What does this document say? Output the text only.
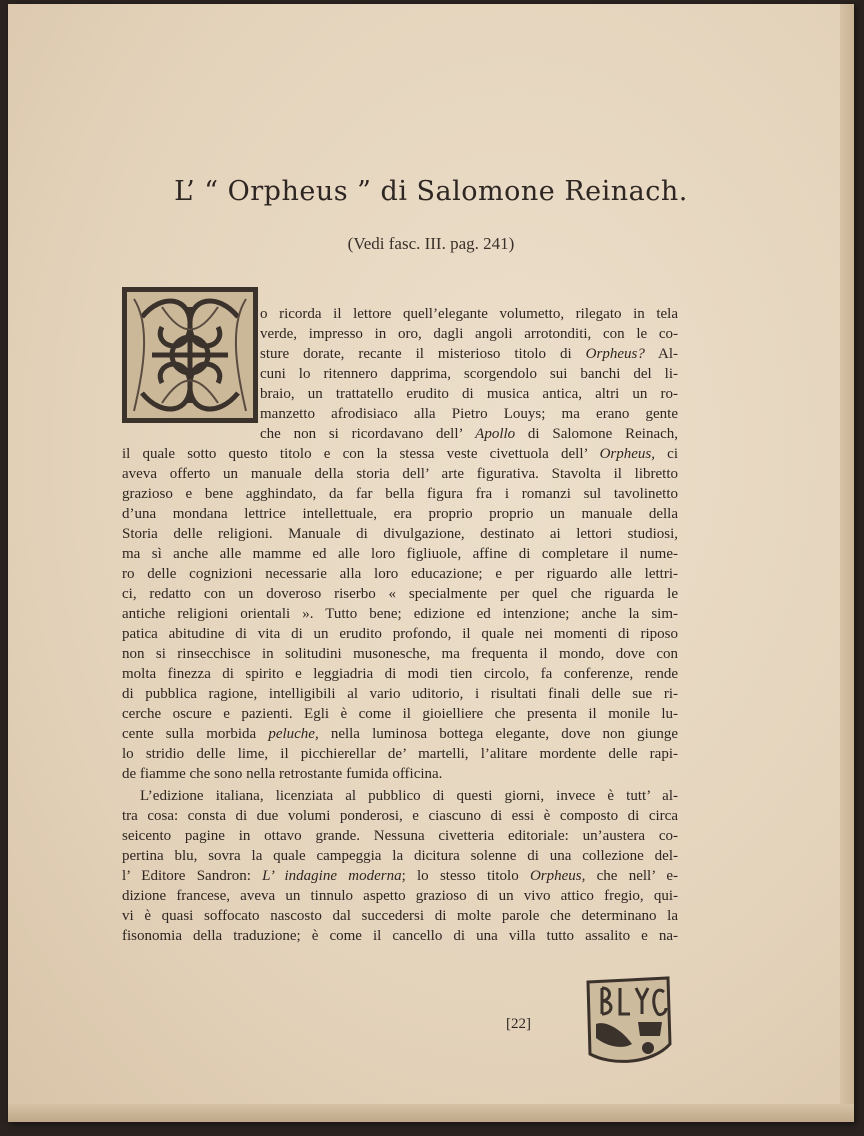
L’ “ Orpheus ” di Salomone Reinach.
(Vedi fasc. III. pag. 241)
o ricorda il lettore quell’elegante volumetto, rilegato in tela
verde, impresso in oro, dagli angoli arrotonditi, con le co-
sture dorate, recante il misterioso titolo di Orpheus? Al-
cuni lo ritennero dapprima, scorgendolo sui banchi del li-
braio, un trattatello erudito di musica antica, altri un ro-
manzetto afrodisiaco alla Pietro Louys; ma erano gente
che non si ricordavano dell’ Apollo di Salomone Reinach,
il quale sotto questo titolo e con la stessa veste civettuola dell’ Orpheus, ci
aveva offerto un manuale della storia dell’ arte figurativa. Stavolta il libretto
grazioso e bene agghindato, da far bella figura fra i romanzi sul tavolinetto
d’una mondana lettrice intellettuale, era proprio proprio un manuale della
Storia delle religioni. Manuale di divulgazione, destinato ai lettori studiosi,
ma sì anche alle mamme ed alle loro figliuole, affine di completare il nume-
ro delle cognizioni necessarie alla loro educazione; e per riguardo alle lettri-
ci, redatto con un doveroso riserbo « specialmente per quel che riguarda le
antiche religioni orientali ». Tutto bene; edizione ed intenzione; anche la sim-
patica abitudine di vita di un erudito profondo, il quale nei momenti di riposo
non si rinsecchisce in solitudini musonesche, ma frequenta il mondo, dove con
molta finezza di spirito e leggiadria di modi tien circolo, fa conferenze, rende
di pubblica ragione, intelligibili al vario uditorio, i risultati finali delle sue ri-
cerche oscure e pazienti. Egli è come il gioielliere che presenta il monile lu-
cente sulla morbida peluche, nella luminosa bottega elegante, dove non giunge
lo stridio delle lime, il picchierellar de’ martelli, l’alitare mordente delle rapi-
de fiamme che sono nella retrostante fumida officina.
L’edizione italiana, licenziata al pubblico di questi giorni, invece è tutt’ al-
tra cosa: consta di due volumi ponderosi, e ciascuno di essi è composto di circa
seicento pagine in ottavo grande. Nessuna civetteria editoriale: un’austera co-
pertina blu, sovra la quale campeggia la dicitura solenne di una collezione del-
l’ Editore Sandron: L’ indagine moderna; lo stesso titolo Orpheus, che nell’ e-
dizione francese, aveva un tinnulo aspetto grazioso di un vivo attico fregio, qui-
vi è quasi soffocato nascosto dal succedersi di molte parole che determinano la
fisonomia della traduzione; è come il cancello di una villa tutto assalito e na-
[22]
